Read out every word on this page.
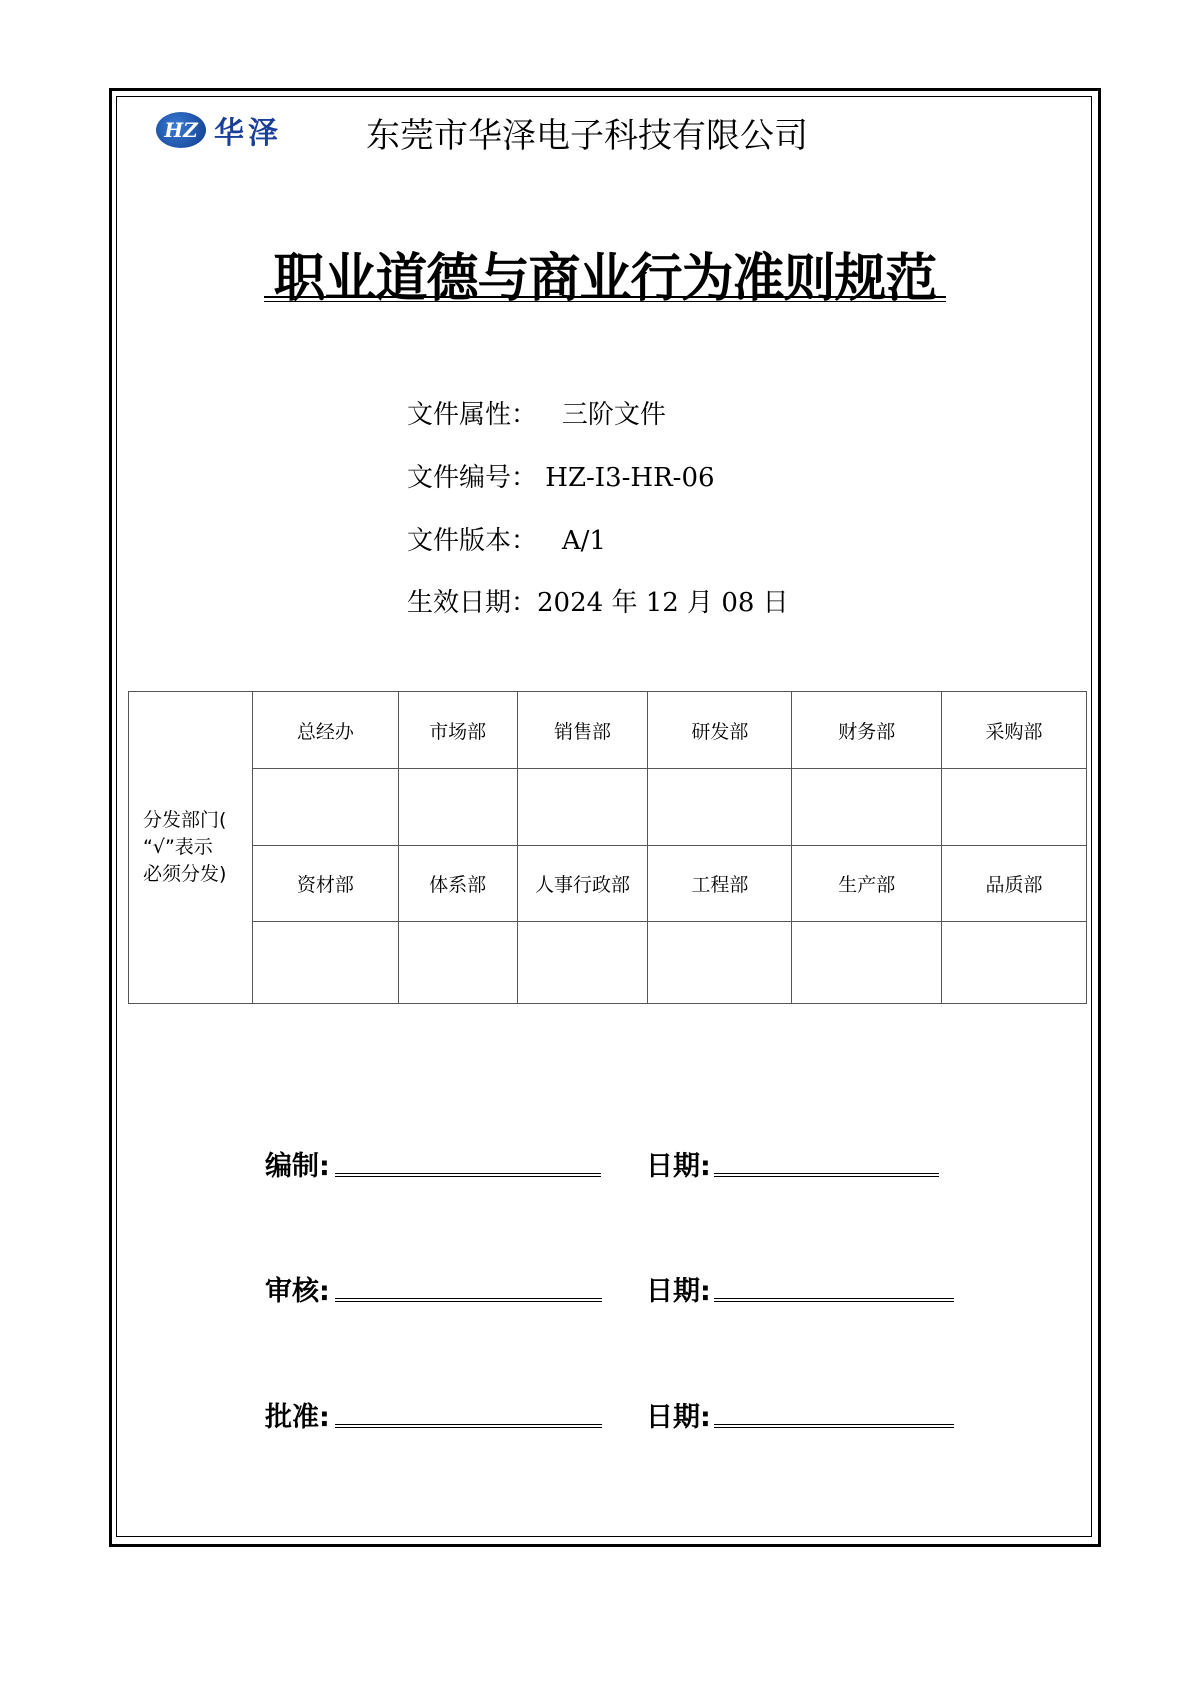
HZ 华泽 东莞市华泽电子科技有限公司
职业道德与商业行为准则规范
文件属性： 三阶文件
文件编号： HZ-I3-HR-06
文件版本： A/1
生效日期：2024 年 12 月 08 日
分发部门(
“√”表示
必须分发)	总经办	市场部	销售部	研发部	财务部	采购部

	资材部	体系部	人事行政部	工程部	生产部	品质部

编制:	日期:
审核:	日期:
批准:	日期:
